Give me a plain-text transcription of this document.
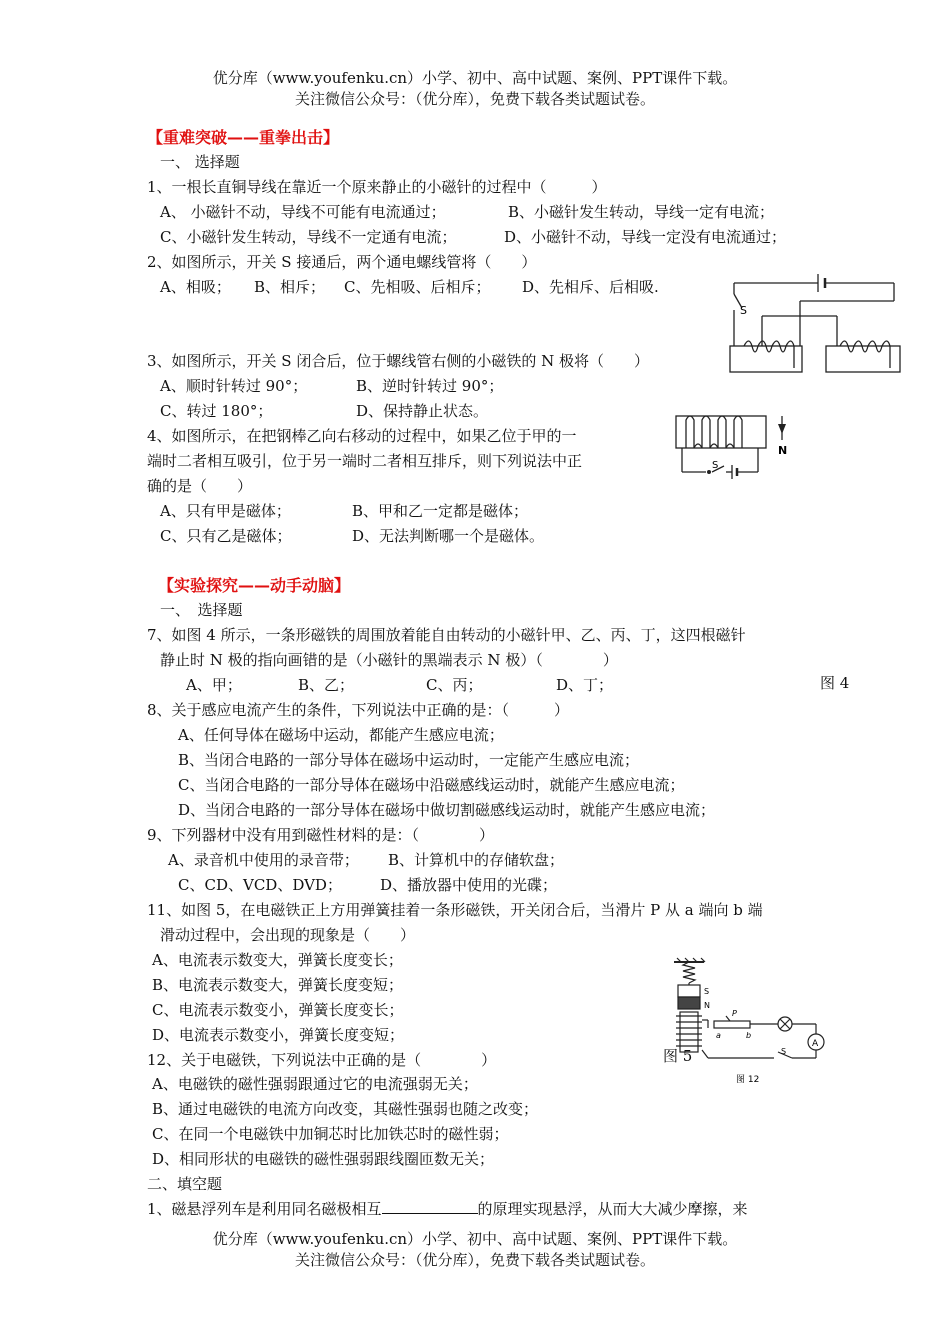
优分库（www.youfenku.cn）小学、初中、高中试题、案例、PPT课件下载。
关注微信公众号：（优分库），免费下载各类试题试卷。
【重难突破——重拳出击】
一、 选择题
1、一根长直铜导线在靠近一个原来静止的小磁针的过程中（　　　）
A、 小磁针不动，导线不可能有电流通过；	B、小磁针发生转动，导线一定有电流；
C、小磁针发生转动，导线不一定通有电流；	D、小磁针不动，导线一定没有电流通过；
2、如图所示，开关 S 接通后，两个通电螺线管将（　　）
A、相吸； B、相斥； C、先相吸、后相斥； D、先相斥、后相吸.
S
3、如图所示，开关 S 闭合后，位于螺线管右侧的小磁铁的 N 极将（　　）
A、顺时针转过 90°；	B、逆时针转过 90°；
C、转过 180°；	D、保持静止状态。
S
N
4、如图所示，在把钢棒乙向右移动的过程中，如果乙位于甲的一
端时二者相互吸引，位于另一端时二者相互排斥，则下列说法中正
确的是（　　）
A、只有甲是磁体；	B、甲和乙一定都是磁体；
C、只有乙是磁体；	D、无法判断哪一个是磁体。
【实验探究——动手动脑】
一、　选择题
7、如图 4 所示，一条形磁铁的周围放着能自由转动的小磁针甲、乙、丙、丁，这四根磁针
静止时 N 极的指向画错的是（小磁针的黑端表示 N 极）（　　　　）
A、甲；	B、乙；	C、丙；	D、丁；	图 4
8、关于感应电流产生的条件，下列说法中正确的是：（　　　）
A、任何导体在磁场中运动，都能产生感应电流；
B、当闭合电路的一部分导体在磁场中运动时，一定能产生感应电流；
C、当闭合电路的一部分导体在磁场中沿磁感线运动时，就能产生感应电流；
D、当闭合电路的一部分导体在磁场中做切割磁感线运动时，就能产生感应电流；
9、下列器材中没有用到磁性材料的是：（　　　　）
A、录音机中使用的录音带； B、计算机中的存储软盘；
C、CD、VCD、DVD；	D、播放器中使用的光碟；
11、如图 5，在电磁铁正上方用弹簧挂着一条形磁铁，开关闭合后，当滑片 P 从 a 端向 b 端
滑动过程中，会出现的现象是（　　）
A、电流表示数变大，弹簧长度变长；
B、电流表示数变大，弹簧长度变短；
C、电流表示数变小，弹簧长度变长；
D、电流表示数变小，弹簧长度变短；
S
N
P
a	b
A
S
图 12
图 5
12、关于电磁铁，下列说法中正确的是（　　　　）
A、电磁铁的磁性强弱跟通过它的电流强弱无关；
B、通过电磁铁的电流方向改变，其磁性强弱也随之改变；
C、在同一个电磁铁中加铜芯时比加铁芯时的磁性弱；
D、相同形状的电磁铁的磁性强弱跟线圈匝数无关；
二、填空题
1、磁悬浮列车是利用同名磁极相互	的原理实现悬浮，从而大大减少摩擦，来
优分库（www.youfenku.cn）小学、初中、高中试题、案例、PPT课件下载。
关注微信公众号：（优分库），免费下载各类试题试卷。
